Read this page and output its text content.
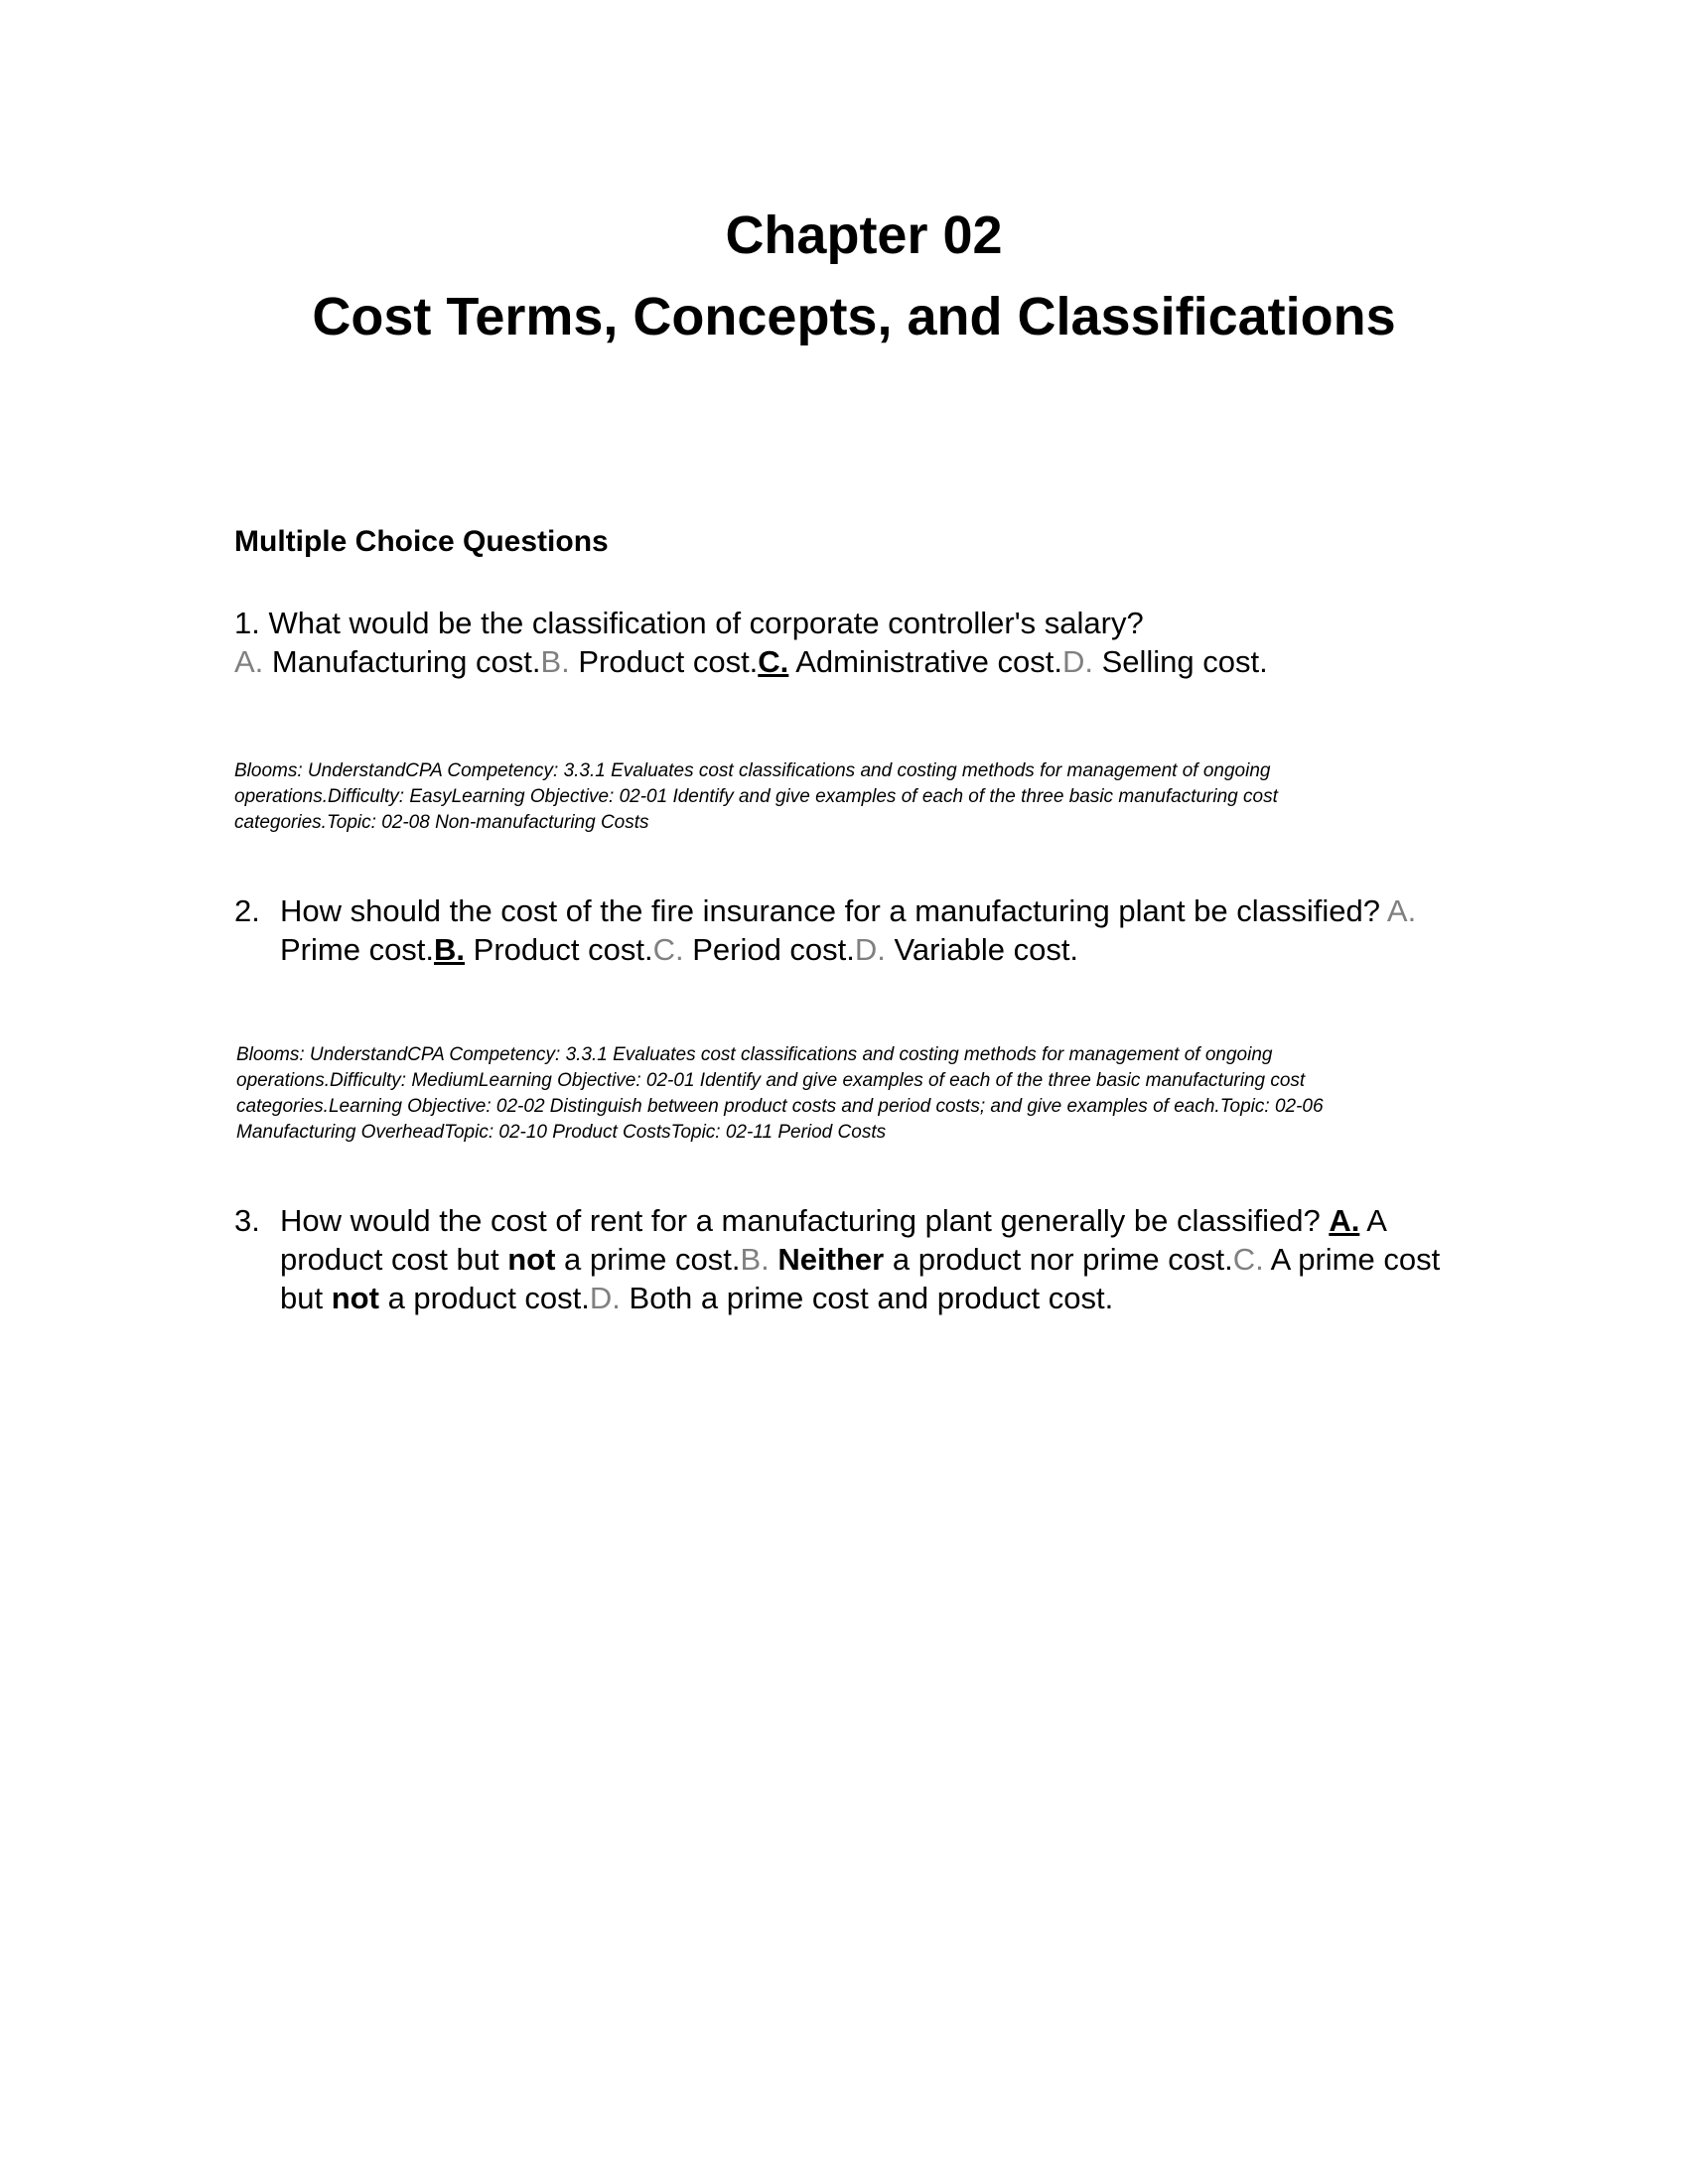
Chapter 02
Cost Terms, Concepts, and Classifications
Multiple Choice Questions
1. What would be the classification of corporate controller's salary?
A. Manufacturing cost.B. Product cost.C. Administrative cost.D. Selling cost.
Blooms: UnderstandCPA Competency: 3.3.1 Evaluates cost classifications and costing methods for management of ongoing operations.Difficulty: EasyLearning Objective: 02-01 Identify and give examples of each of the three basic manufacturing cost categories.Topic: 02-08 Non-manufacturing Costs
2. How should the cost of the fire insurance for a manufacturing plant be classified? A. Prime cost.B. Product cost.C. Period cost.D. Variable cost.
Blooms: UnderstandCPA Competency: 3.3.1 Evaluates cost classifications and costing methods for management of ongoing operations.Difficulty: MediumLearning Objective: 02-01 Identify and give examples of each of the three basic manufacturing cost categories.Learning Objective: 02-02 Distinguish between product costs and period costs; and give examples of each.Topic: 02-06 Manufacturing OverheadTopic: 02-10 Product CostsTopic: 02-11 Period Costs
3. How would the cost of rent for a manufacturing plant generally be classified? A. A product cost but not a prime cost.B. Neither a product nor prime cost.C. A prime cost but not a product cost.D. Both a prime cost and product cost.
